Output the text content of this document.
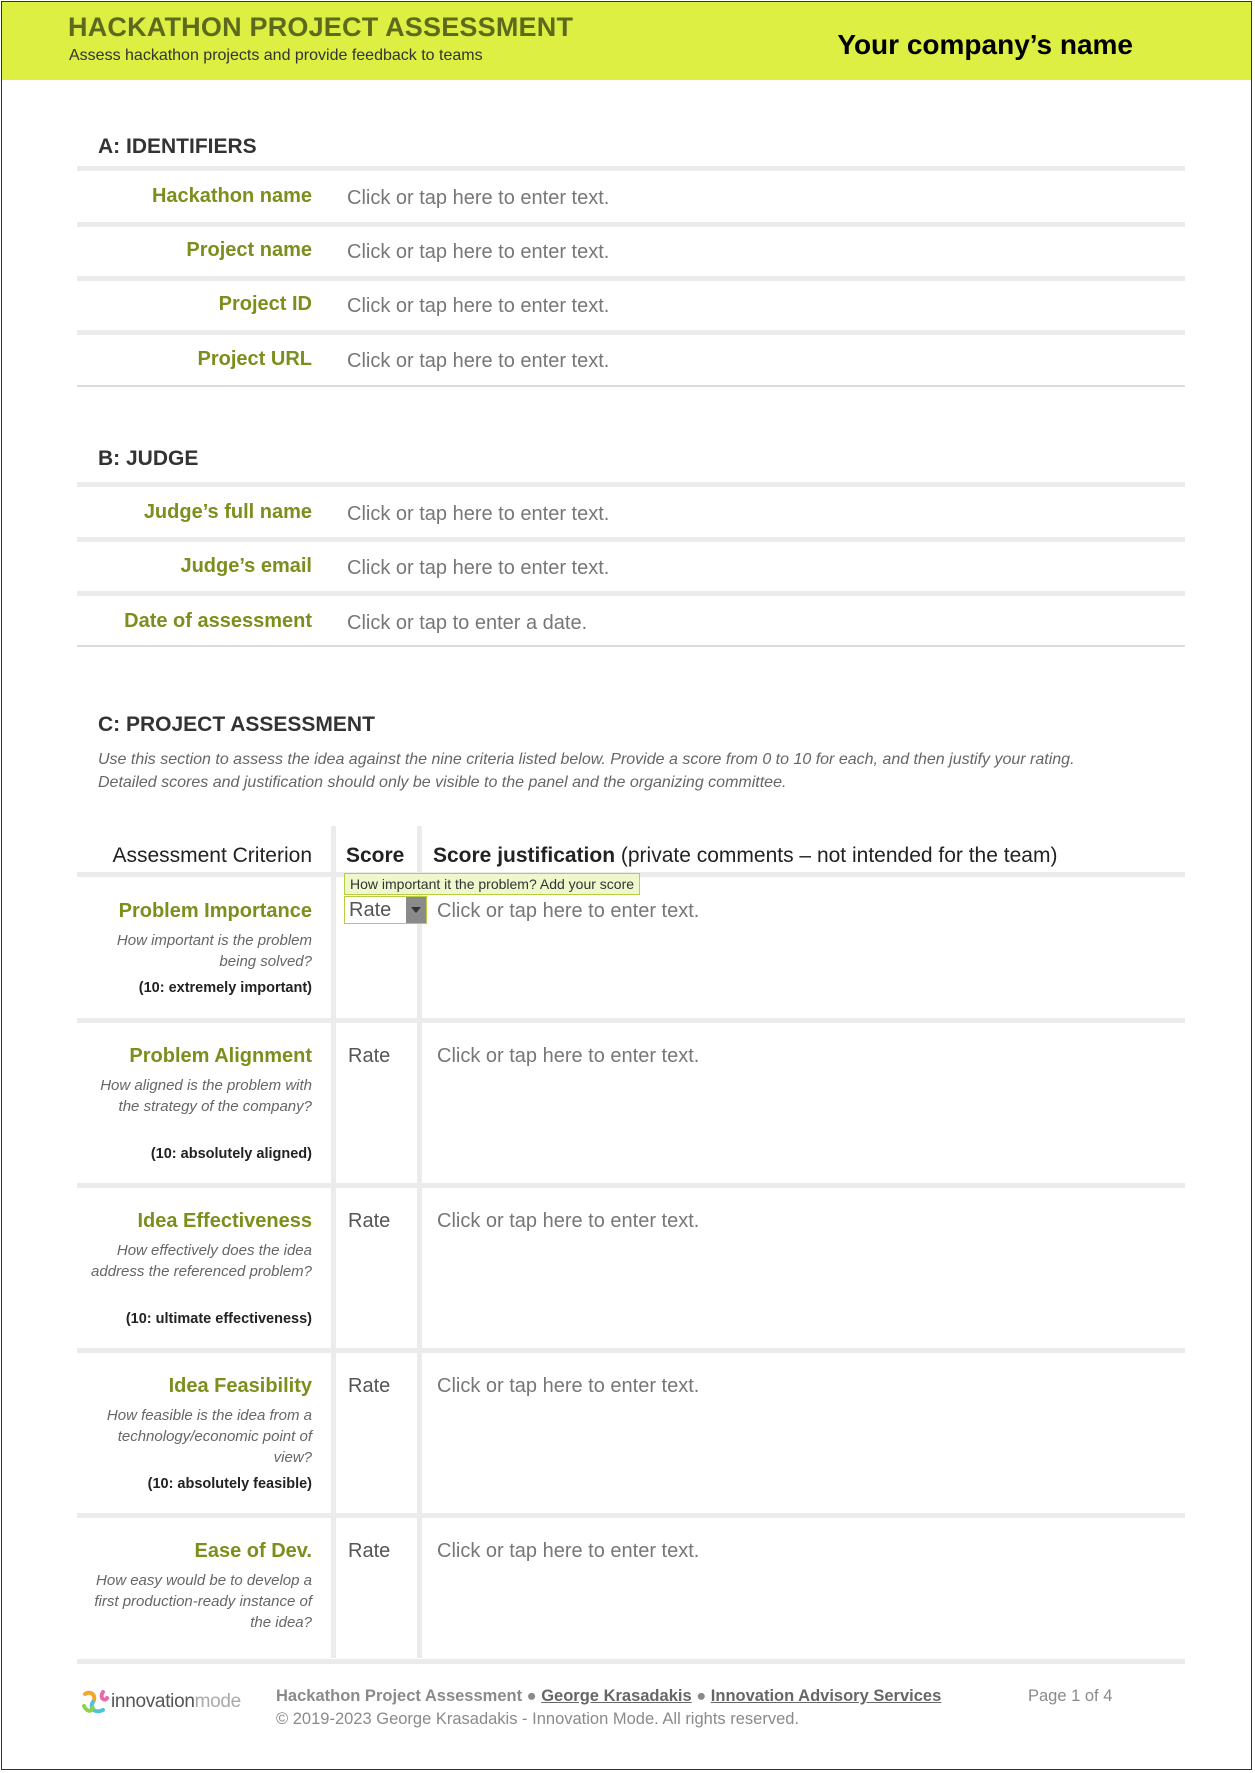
HACKATHON PROJECT ASSESSMENT
Assess hackathon projects and provide feedback to teams	Your company’s name
A: IDENTIFIERS
Hackathon name Click or tap here to enter text.
Project name Click or tap here to enter text.
Project ID Click or tap here to enter text.
Project URL Click or tap here to enter text.
B: JUDGE
Judge’s full name Click or tap here to enter text.
Judge’s email Click or tap here to enter text.
Date of assessment Click or tap to enter a date.
C: PROJECT ASSESSMENT
Use this section to assess the idea against the nine criteria listed below. Provide a score from 0 to 10 for each, and then justify your rating.
Detailed scores and justification should only be visible to the panel and the organizing committee.
Assessment Criterion Score Score justification (private comments – not intended for the team)
How important it the problem? Add your score
Problem Importance Rate Click or tap here to enter text.
How important is the problem being solved?
(10: extremely important)
Problem Alignment Rate Click or tap here to enter text.
How aligned is the problem with the strategy of the company?
(10: absolutely aligned)
Idea Effectiveness Rate Click or tap here to enter text.
How effectively does the idea address the referenced problem?
(10: ultimate effectiveness)
Idea Feasibility Rate Click or tap here to enter text.
How feasible is the idea from a technology/economic point of view?
(10: absolutely feasible)
Ease of Dev. Rate Click or tap here to enter text.
How easy would be to develop a first production-ready instance of the idea?
innovationmode Hackathon Project Assessment ● George Krasadakis ● Innovation Advisory Services
© 2019-2023 George Krasadakis - Innovation Mode. All rights reserved.
Page 1 of 4
